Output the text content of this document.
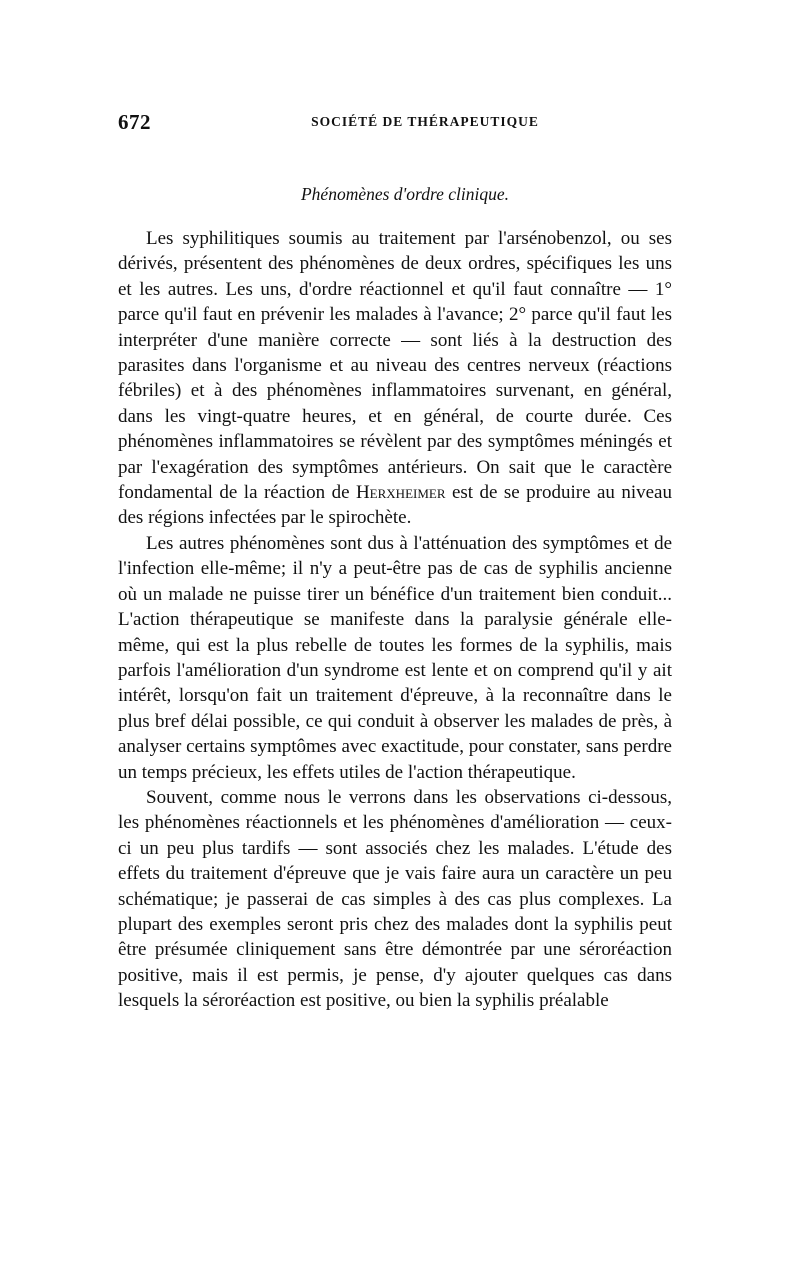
672	SOCIÉTÉ DE THÉRAPEUTIQUE
Phénomènes d'ordre clinique.

Les syphilitiques soumis au traitement par l'arsénobenzol, ou ses dérivés, présentent des phénomènes de deux ordres, spécifiques les uns et les autres. Les uns, d'ordre réactionnel et qu'il faut connaître — 1° parce qu'il faut en prévenir les malades à l'avance; 2° parce qu'il faut les interpréter d'une manière correcte — sont liés à la destruction des parasites dans l'organisme et au niveau des centres nerveux (réactions fébriles) et à des phénomènes inflammatoires survenant, en général, dans les vingt-quatre heures, et en général, de courte durée. Ces phénomènes inflammatoires se révèlent par des symptômes méningés et par l'exagération des symptômes antérieurs. On sait que le caractère fondamental de la réaction de Herxheimer est de se produire au niveau des régions infectées par le spirochète.

Les autres phénomènes sont dus à l'atténuation des symptômes et de l'infection elle-même; il n'y a peut-être pas de cas de syphilis ancienne où un malade ne puisse tirer un bénéfice d'un traitement bien conduit... L'action thérapeutique se manifeste dans la paralysie générale elle-même, qui est la plus rebelle de toutes les formes de la syphilis, mais parfois l'amélioration d'un syndrome est lente et on comprend qu'il y ait intérêt, lorsqu'on fait un traitement d'épreuve, à la reconnaître dans le plus bref délai possible, ce qui conduit à observer les malades de près, à analyser certains symptômes avec exactitude, pour constater, sans perdre un temps précieux, les effets utiles de l'action thérapeutique.

Souvent, comme nous le verrons dans les observations ci-dessous, les phénomènes réactionnels et les phénomènes d'amélioration — ceux-ci un peu plus tardifs — sont associés chez les malades. L'étude des effets du traitement d'épreuve que je vais faire aura un caractère un peu schématique; je passerai de cas simples à des cas plus complexes. La plupart des exemples seront pris chez des malades dont la syphilis peut être présumée cliniquement sans être démontrée par une séroréaction positive, mais il est permis, je pense, d'y ajouter quelques cas dans lesquels la séroréaction est positive, ou bien la syphilis préalable
